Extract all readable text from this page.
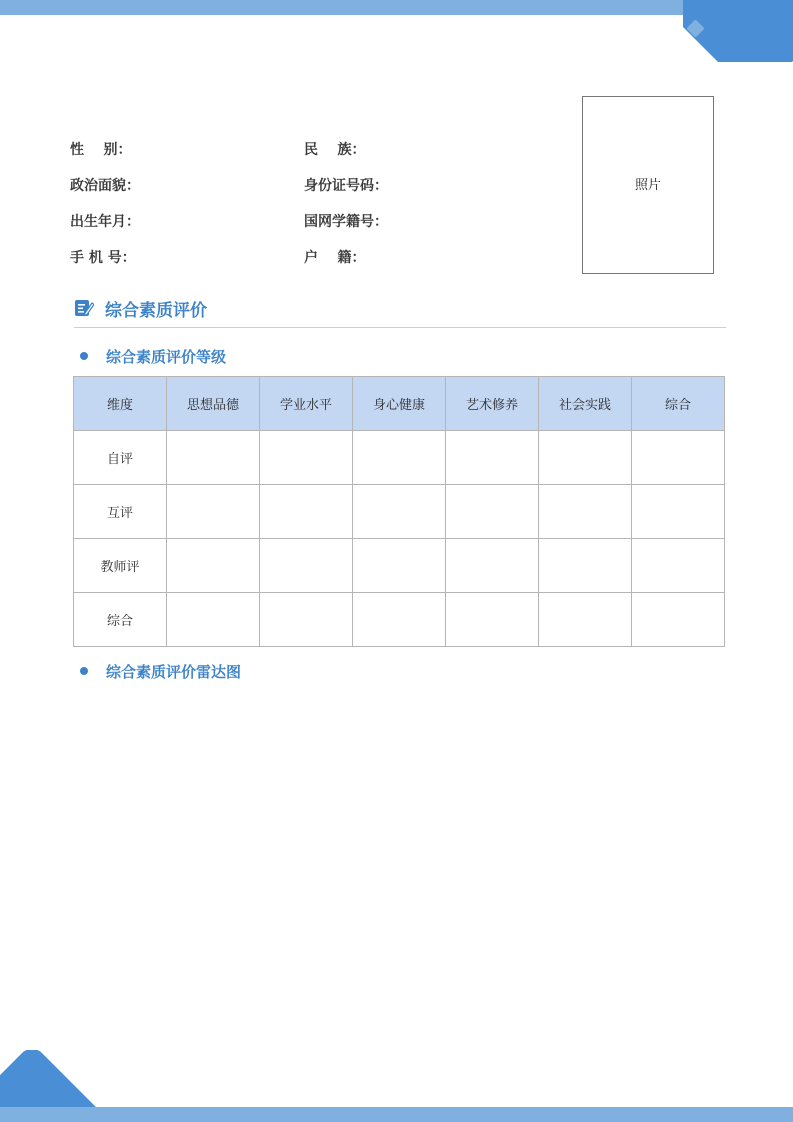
性    别：	民    族：
政治面貌：	身份证号码：
出生年月：	国网学籍号：
手 机 号：	户    籍：
照片
综合素质评价
综合素质评价等级
维度	思想品德	学业水平	身心健康	艺术修养	社会实践	综合
自评						
互评						
教师评						
综合						
综合素质评价雷达图
